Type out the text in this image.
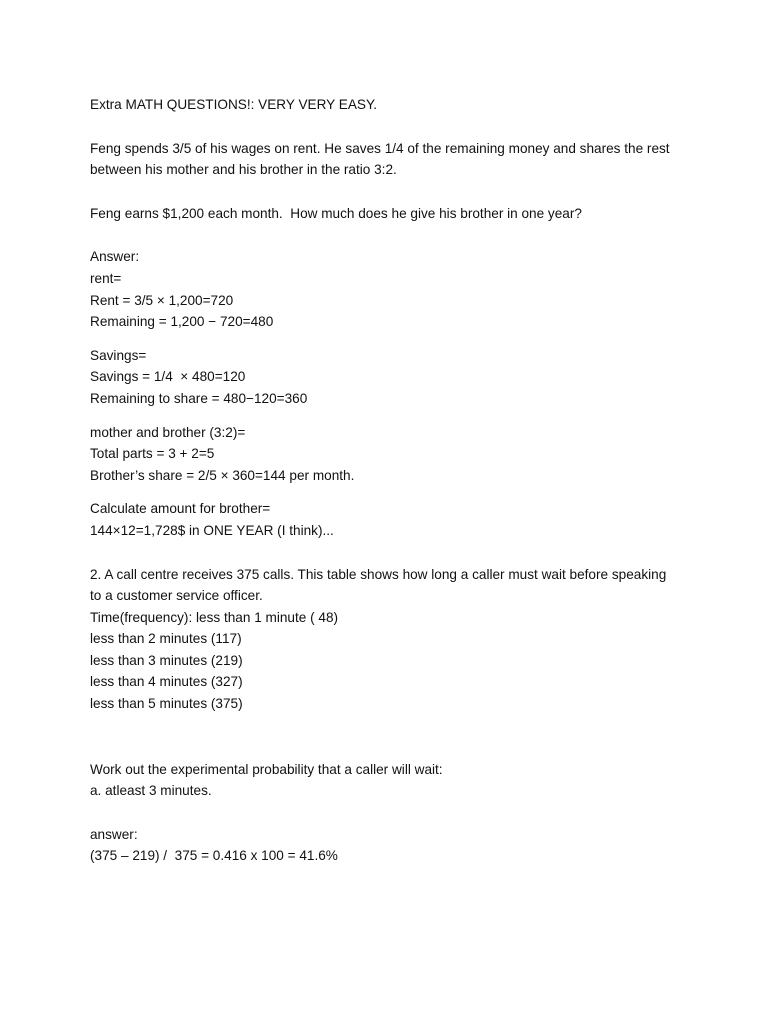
Extra MATH QUESTIONS!: VERY VERY EASY.
Feng spends 3/5 of his wages on rent. He saves 1/4 of the remaining money and shares the rest
between his mother and his brother in the ratio 3:2.
Feng earns $1,200 each month.  How much does he give his brother in one year?
Answer:
rent=
Rent = 3/5 × 1,200=720
Remaining = 1,200 − 720=480
Savings=
Savings = 1/4  × 480=120
Remaining to share = 480−120=360
mother and brother (3:2)=
Total parts = 3 + 2=5
Brother’s share = 2/5 × 360=144 per month.
Calculate amount for brother=
144×12=1,728$ in ONE YEAR (I think)...
2. A call centre receives 375 calls. This table shows how long a caller must wait before speaking
to a customer service officer.
Time(frequency): less than 1 minute ( 48)
less than 2 minutes (117)
less than 3 minutes (219)
less than 4 minutes (327)
less than 5 minutes (375)
Work out the experimental probability that a caller will wait:
a. atleast 3 minutes.
answer:
(375 – 219) /  375 = 0.416 x 100 = 41.6%
